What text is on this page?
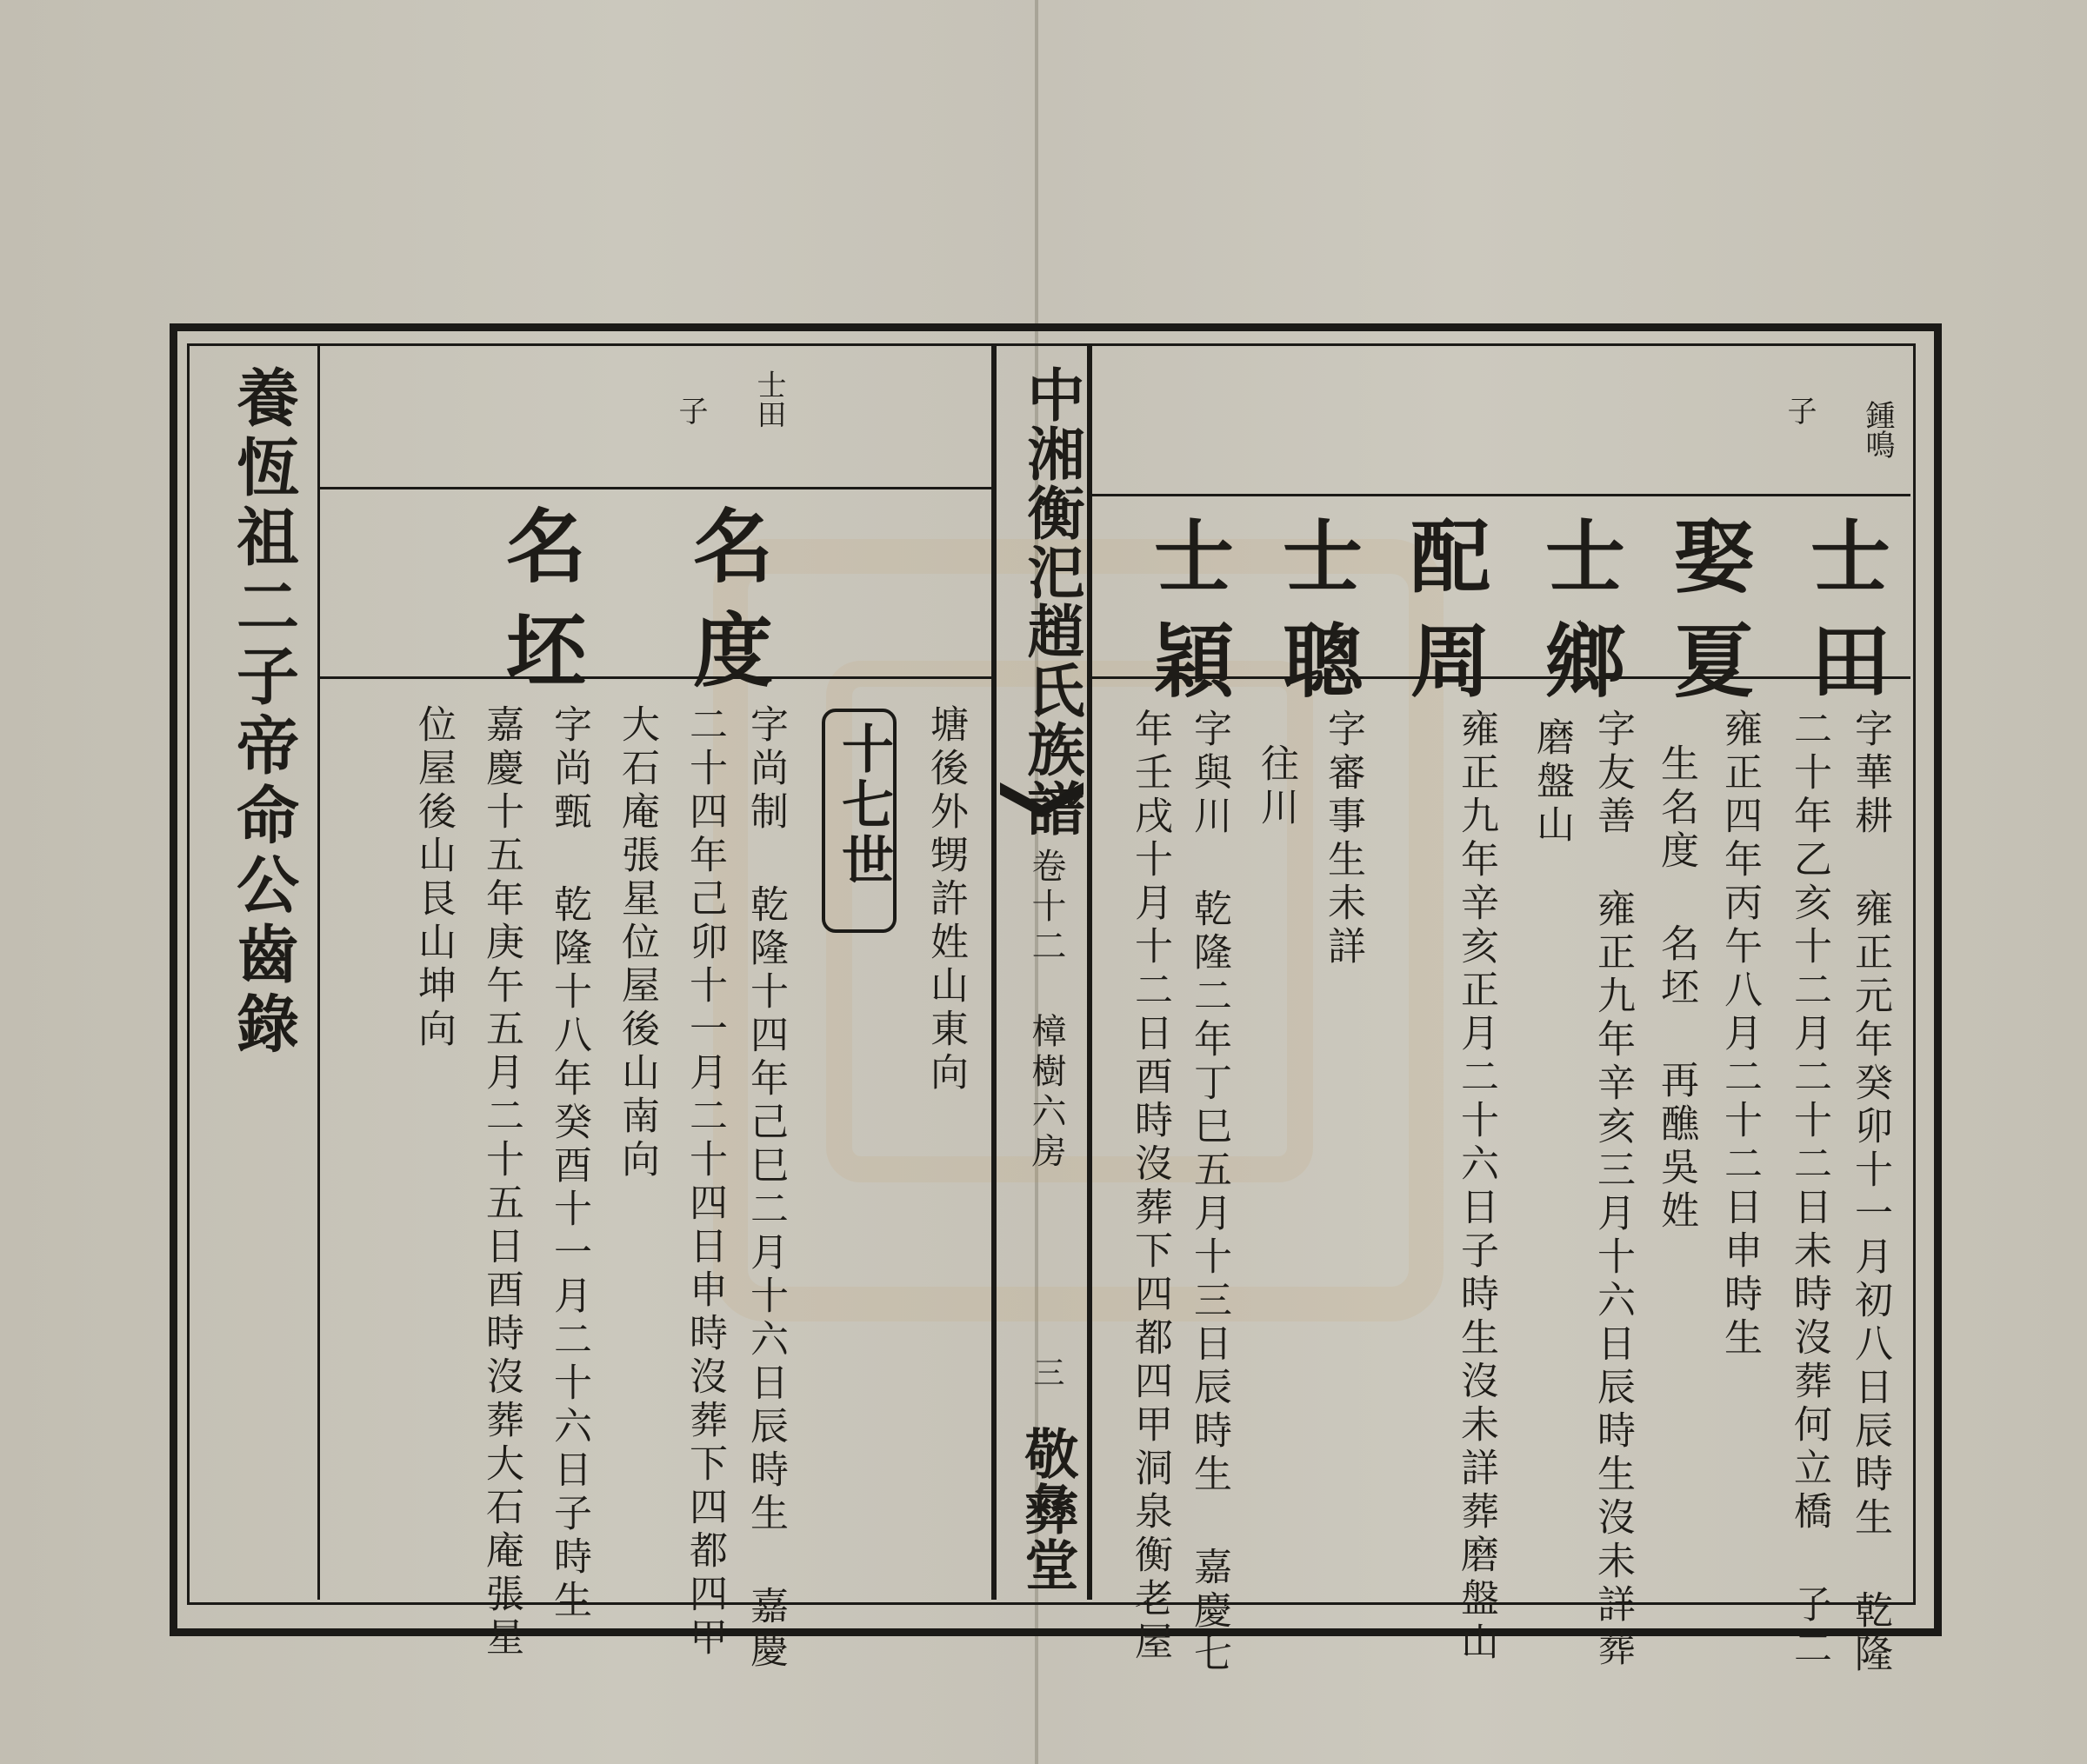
養恆祖二子帝命公齒錄	士田
子
名度
名坯
十七世 塘後外甥許姓山東向
字尚制 乾隆十四年己巳二月十六日辰時生 嘉慶
二十四年己卯十一月二十四日申時沒葬下四都四甲
大石庵張星位屋後山南向
字尚甄 乾隆十八年癸酉十一月二十六日子時生
嘉慶十五年庚午五月二十五日酉時沒葬大石庵張星
位屋後山艮山坤向
中湘衡汜趙氏族譜
卷十二 樟樹六房
三
敬彝堂
鍾鳴
子
士田
娶夏
士鄉
配周
士聰
士穎
字華耕 雍正元年癸卯十一月初八日辰時生 乾隆
二十年乙亥十二月二十二日未時沒葬何立橋 子二
雍正四年丙午八月二十二日申時生
生名度 名坯 再醮吳姓
字友善 雍正九年辛亥三月十六日辰時生沒未詳葬
磨盤山
雍正九年辛亥正月二十六日子時生沒未詳葬磨盤山
字審事生未詳
往川
字與川 乾隆二年丁巳五月十三日辰時生 嘉慶七
年壬戌十月十二日酉時沒葬下四都四甲洞泉衡老屋
